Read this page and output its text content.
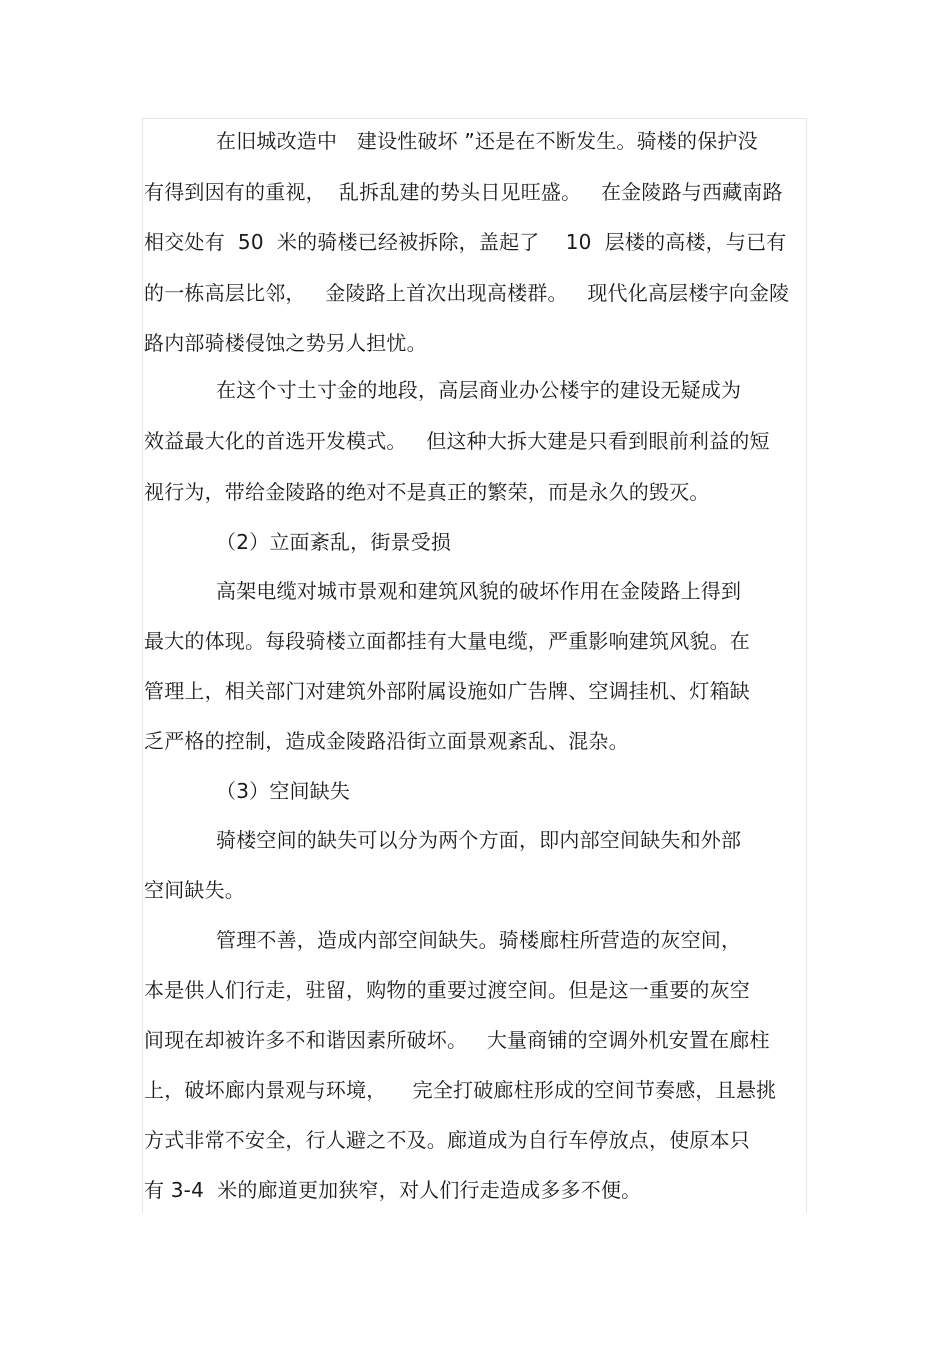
在旧城改造中   建设性破坏 ”还是在不断发生。骑楼的保护没
有得到因有的重视，  乱拆乱建的势头日见旺盛。   在金陵路与西藏南路
相交处有  50  米的骑楼已经被拆除，盖起了    10  层楼的高楼，与已有
的一栋高层比邻，   金陵路上首次出现高楼群。   现代化高层楼宇向金陵
路内部骑楼侵蚀之势另人担忧。
在这个寸土寸金的地段，高层商业办公楼宇的建设无疑成为
效益最大化的首选开发模式。   但这种大拆大建是只看到眼前利益的短
视行为，带给金陵路的绝对不是真正的繁荣，而是永久的毁灭。
（2）立面紊乱，街景受损
高架电缆对城市景观和建筑风貌的破坏作用在金陵路上得到
最大的体现。每段骑楼立面都挂有大量电缆，严重影响建筑风貌。在
管理上，相关部门对建筑外部附属设施如广告牌、空调挂机、灯箱缺
乏严格的控制，造成金陵路沿街立面景观紊乱、混杂。
（3）空间缺失
骑楼空间的缺失可以分为两个方面，即内部空间缺失和外部
空间缺失。
管理不善，造成内部空间缺失。骑楼廊柱所营造的灰空间，
本是供人们行走，驻留，购物的重要过渡空间。但是这一重要的灰空
间现在却被许多不和谐因素所破坏。   大量商铺的空调外机安置在廊柱
上，破坏廊内景观与环境，    完全打破廊柱形成的空间节奏感，且悬挑
方式非常不安全，行人避之不及。廊道成为自行车停放点，使原本只
有 3-4  米的廊道更加狭窄，对人们行走造成多多不便。
